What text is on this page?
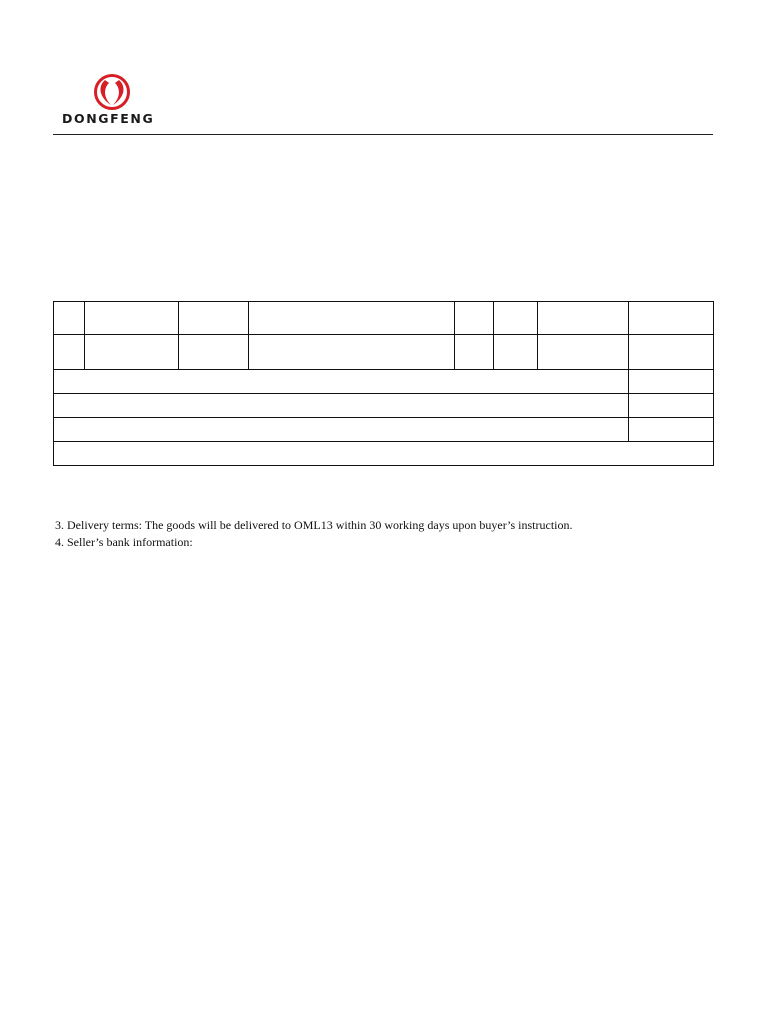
DONGFENG

3. Delivery terms: The goods will be delivered to OML13 within 30 working days upon buyer’s instruction.

4. Seller’s bank information:
